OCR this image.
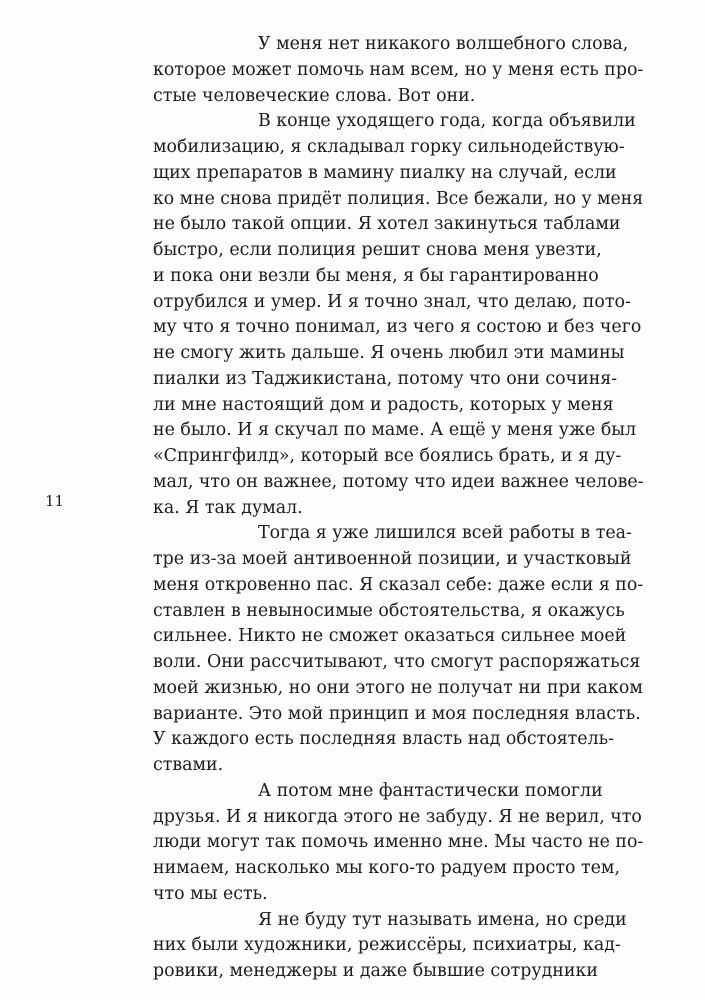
11
У меня нет никакого волшебного слова,
которое может помочь нам всем, но у меня есть про-
стые человеческие слова. Вот они.
В конце уходящего года, когда объявили
мобилизацию, я складывал горку сильнодействую-
щих препаратов в мамину пиалку на случай, если
ко мне снова придёт полиция. Все бежали, но у меня
не было такой опции. Я хотел закинуться таблами
быстро, если полиция решит снова меня увезти,
и пока они везли бы меня, я бы гарантированно
отрубился и умер. И я точно знал, что делаю, пото-
му что я точно понимал, из чего я состою и без чего
не смогу жить дальше. Я очень любил эти мамины
пиалки из Таджикистана, потому что они сочиня-
ли мне настоящий дом и радость, которых у меня
не было. И я скучал по маме. А ещё у меня уже был
«Спрингфилд», который все боялись брать, и я ду-
мал, что он важнее, потому что идеи важнее челове-
ка. Я так думал.
Тогда я уже лишился всей работы в теа-
тре из-за моей антивоенной позиции, и участковый
меня откровенно пас. Я сказал себе: даже если я по-
ставлен в невыносимые обстоятельства, я окажусь
сильнее. Никто не сможет оказаться сильнее моей
воли. Они рассчитывают, что смогут распоряжаться
моей жизнью, но они этого не получат ни при каком
варианте. Это мой принцип и моя последняя власть.
У каждого есть последняя власть над обстоятель-
ствами.
А потом мне фантастически помогли
друзья. И я никогда этого не забуду. Я не верил, что
люди могут так помочь именно мне. Мы часто не по-
нимаем, насколько мы кого-то радуем просто тем,
что мы есть.
Я не буду тут называть имена, но среди
них были художники, режиссёры, психиатры, кад-
ровики, менеджеры и даже бывшие сотрудники
